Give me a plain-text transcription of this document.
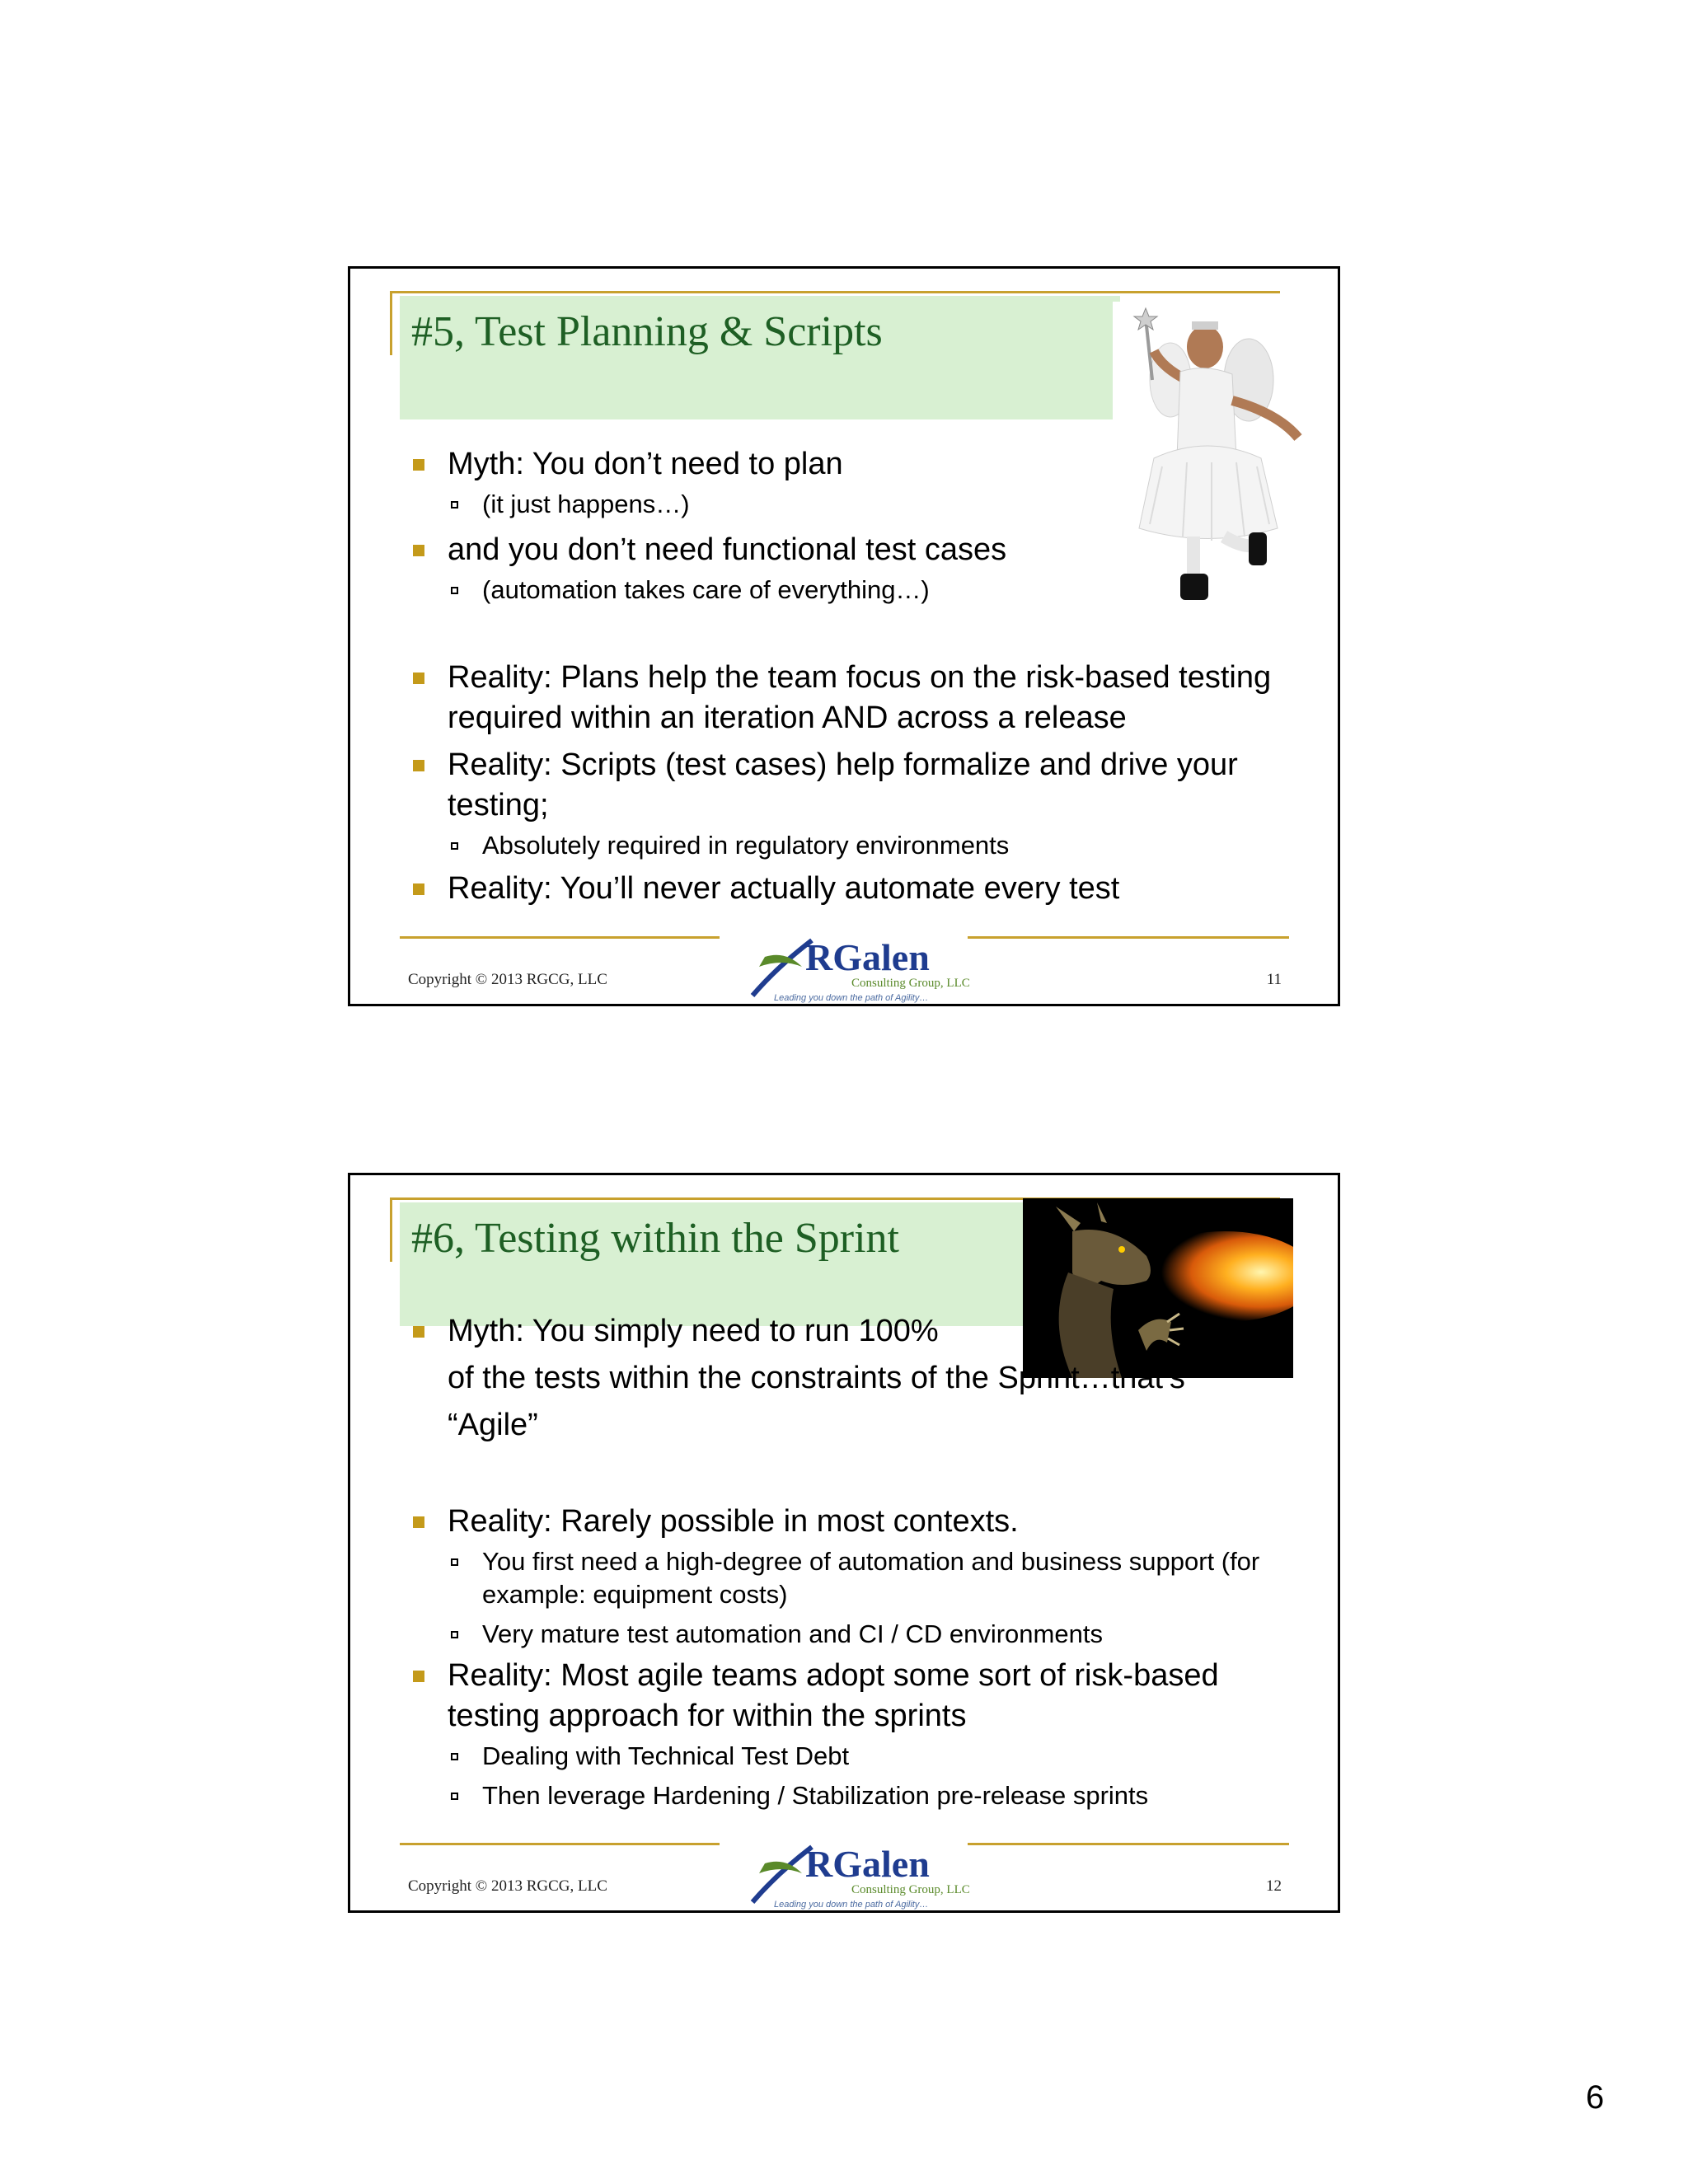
#5, Test Planning & Scripts
Myth: You don’t need to plan
(it just happens…)
and you don’t need functional test cases
(automation takes care of everything…)
Reality: Plans help the team focus on the risk-based testing required within an iteration AND across a release
Reality: Scripts (test cases) help formalize and drive your testing;
Absolutely required in regulatory environments
Reality: You’ll never actually automate every test
Copyright © 2013 RGCG, LLC
RGalen
Consulting Group, LLC
Leading you down the path of Agility…
11
#6, Testing within the Sprint
Myth: You simply need to run 100%
of the tests within the constraints of the Sprint…that’s
“Agile”
Reality: Rarely possible in most contexts.
You first need a high-degree of automation and business support (for example: equipment costs)
Very mature test automation and CI / CD environments
Reality: Most agile teams adopt some sort of risk-based testing approach for within the sprints
Dealing with Technical Test Debt
Then leverage Hardening / Stabilization pre-release sprints
Copyright © 2013 RGCG, LLC
RGalen
Consulting Group, LLC
Leading you down the path of Agility…
12
6
